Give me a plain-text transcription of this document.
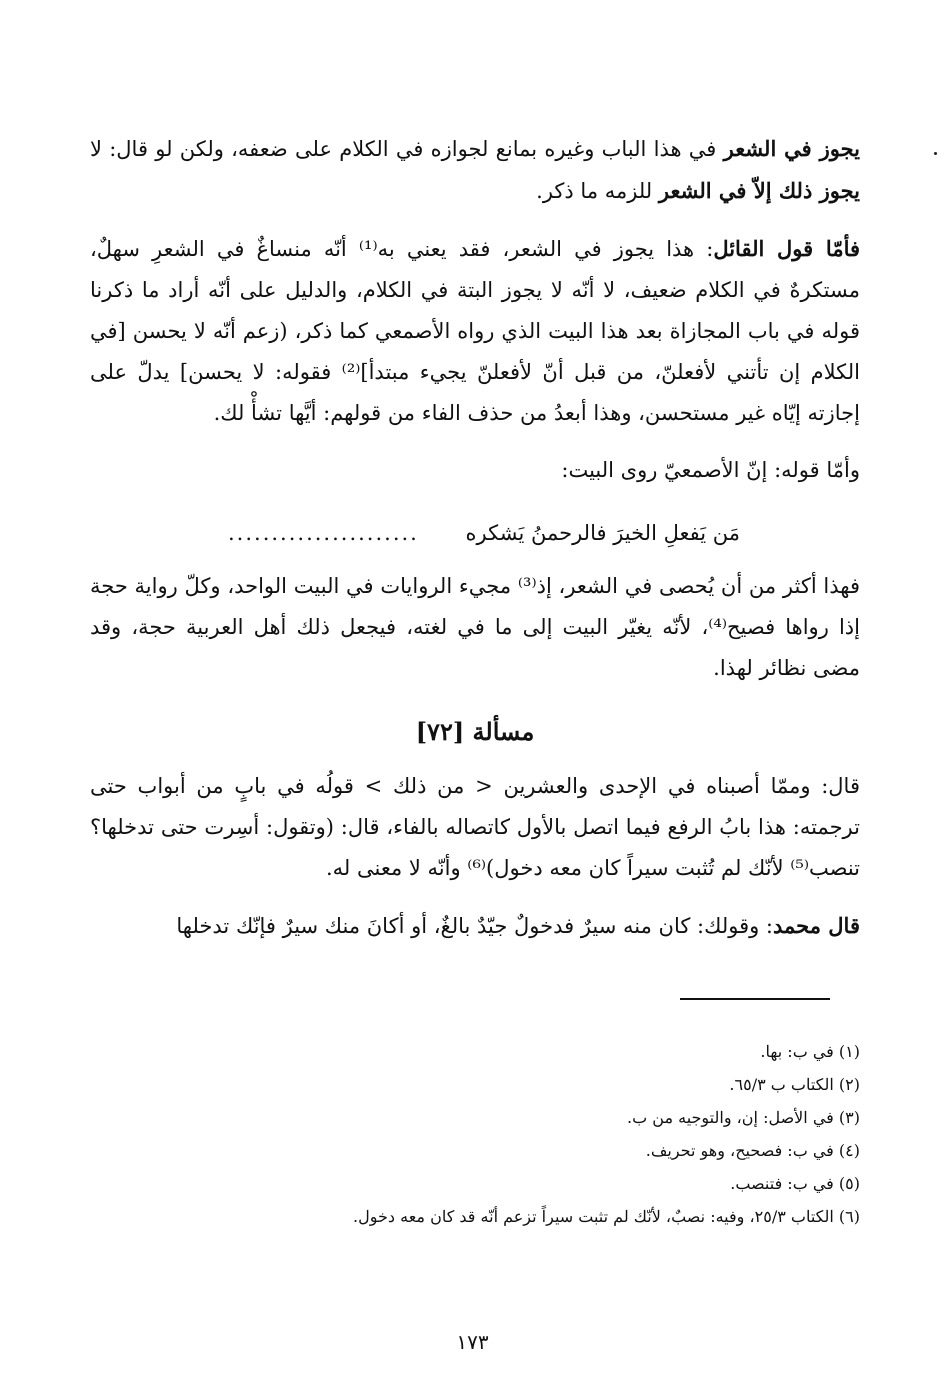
يجوز في الشعر في هذا الباب وغيره بمانع لجوازه في الكلام على ضعفه، ولكن لو قال: لا يجوز ذلك إلاّ في الشعر للزمه ما ذكر.

فأمّا قول القائل: هذا يجوز في الشعر، فقد يعني به⁽¹⁾ أنّه منساغٌ في الشعرِ سهلٌ، مستكرهٌ في الكلام ضعيف، لا أنّه لا يجوز البتة في الكلام، والدليل على أنّه أراد ما ذكرنا قوله في باب المجازاة بعد هذا البيت الذي رواه الأصمعي كما ذكر، (زعم أنّه لا يحسن [في الكلام إن تأتني لأفعلنّ، من قبل أنّ لأفعلنّ يجيء مبتدأ]⁽²⁾ فقوله: لا يحسن] يدلّ على إجازته إيّاه غير مستحسن، وهذا أبعدُ من حذف الفاء من قولهم: أيَّها تشأْ لك.

وأمّا قوله: إنّ الأصمعيّ روى البيت:

مَن يَفعلِ الخيرَ فالرحمنُ يَشكره ......................

فهذا أكثر من أن يُحصى في الشعر، إذ⁽³⁾ مجيء الروايات في البيت الواحد، وكلّ رواية حجة إذا رواها فصيح⁽⁴⁾، لأنّه يغيّر البيت إلى ما في لغته، فيجعل ذلك أهل العربية حجة، وقد مضى نظائر لهذا.

مسألة [٧٢]

قال: وممّا أصبناه في الإحدى والعشرين < من ذلك > قولُه في بابٍ من أبواب حتى ترجمته: هذا بابُ الرفع فيما اتصل بالأول كاتصاله بالفاء، قال: (وتقول: أسِرت حتى تدخلها؟ تنصب⁽⁵⁾ لأنّك لم تُثبت سيراً كان معه دخول)⁽⁶⁾ وأنّه لا معنى له.

قال محمد: وقولك: كان منه سيرٌ فدخولٌ جيّدٌ بالغٌ، أو أكانَ منك سيرٌ فإنّك تدخلها

(١) في ب: بها.
(٢) الكتاب ب ٦٥/٣.
(٣) في الأصل: إن، والتوجيه من ب.
(٤) في ب: فصحيح، وهو تحريف.
(٥) في ب: فتنصب.
(٦) الكتاب ٢٥/٣، وفيه: نصبٌ، لأنّك لم تثبت سيراً تزعم أنّه قد كان معه دخول.
١٧٣
